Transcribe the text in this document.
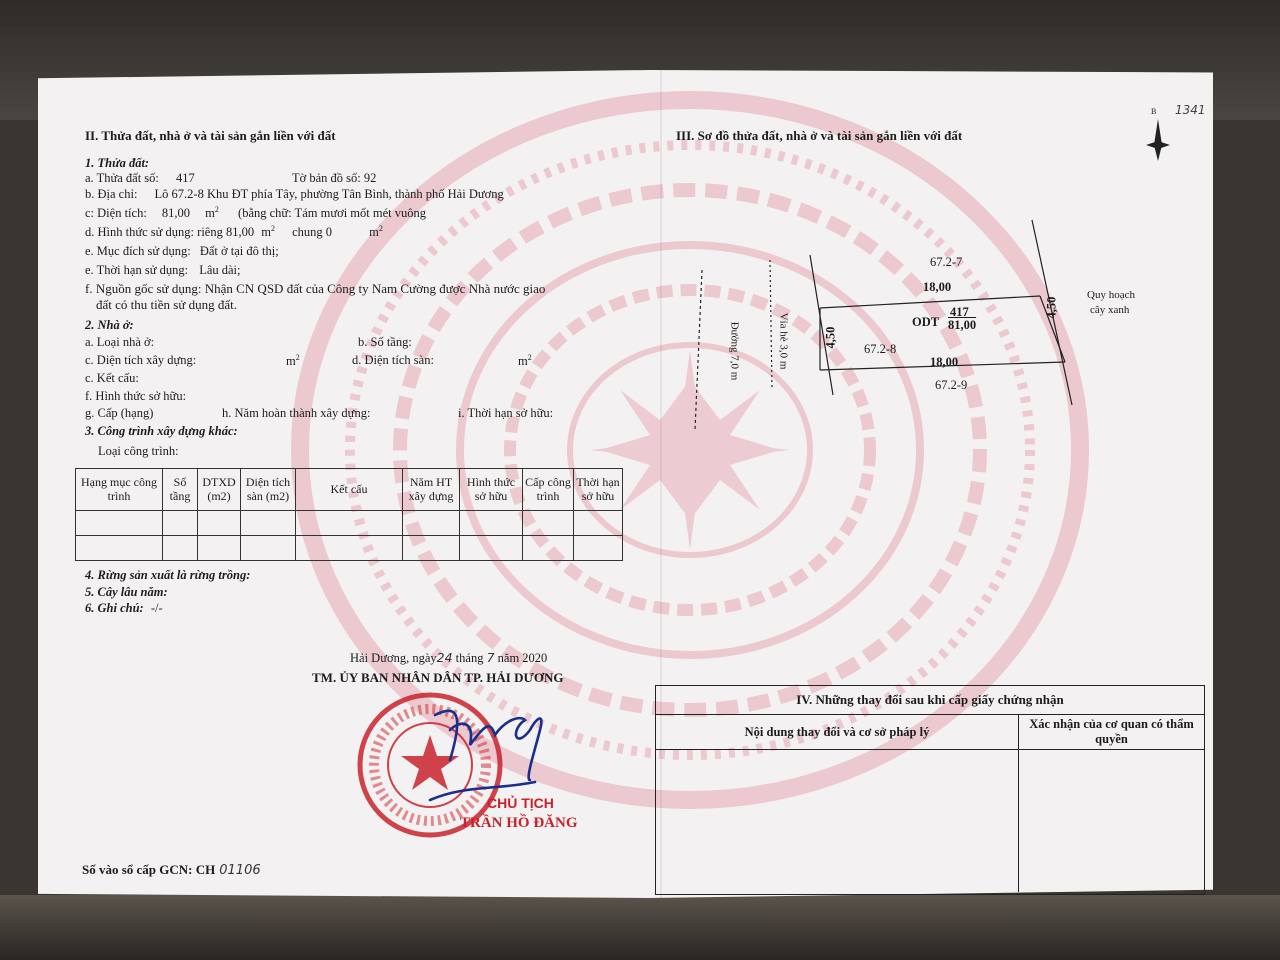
II. Thửa đất, nhà ở và tài sản gắn liền với đất
1. Thửa đất:
a. Thửa đất số: 417	Tờ bản đồ số: 92
b. Địa chỉ: Lô 67.2-8 Khu ĐT phía Tây, phường Tân Bình, thành phố Hải Dương
c: Diện tích: 81,00 $m^2$ (bằng chữ: Tám mươi mốt mét vuông
d. Hình thức sử dụng: riêng 81,00 $m^2$ chung 0	$m^2$
e. Mục đích sử dụng: Đất ở tại đô thị;
e. Thời hạn sử dụng: Lâu dài;
f. Nguồn gốc sử dụng: Nhận CN QSD đất của Công ty Nam Cường được Nhà nước giao
đất có thu tiền sử dụng đất.
2. Nhà ở:
a. Loại nhà ở:	b. Số tầng:
c. Diện tích xây dựng:	$m^2$	d. Diện tích sàn:	$m^2$
c. Kết cấu:
f. Hình thức sở hữu:
g. Cấp (hạng)	h. Năm hoàn thành xây dựng:	i. Thời hạn sở hữu:
3. Công trình xây dựng khác:
Loại công trình:
Hạng mục công trình	Số tầng	DTXD (m2)	Diện tích sàn (m2)	Kết cấu	Năm HT xây dựng	Hình thức sở hữu	Cấp công trình	Thời hạn sở hữu

4. Rừng sản xuất là rừng trồng:
5. Cây lâu năm:
6. Ghi chú: -/-
Hải Dương, ngày24 tháng 7 năm 2020
TM. ỦY BAN NHÂN DÂN TP. HẢI DƯƠNG
CHỦ TỊCH
TRẦN HỒ ĐĂNG
Số vào sổ cấp GCN: CH 01106
III. Sơ đồ thửa đất, nhà ở và tài sản gắn liền với đất
1341
B
67.2-7
18,00
4,50
4,50
ODT
417
81,00
67.2-8
18,00
67.2-9
Đường 7,0 m	Vỉa hè 3,0 m
Quy hoạch
cây xanh
IV. Những thay đổi sau khi cấp giấy chứng nhận
Nội dung thay đổi và cơ sở pháp lý
Xác nhận của cơ quan có thẩm quyền
